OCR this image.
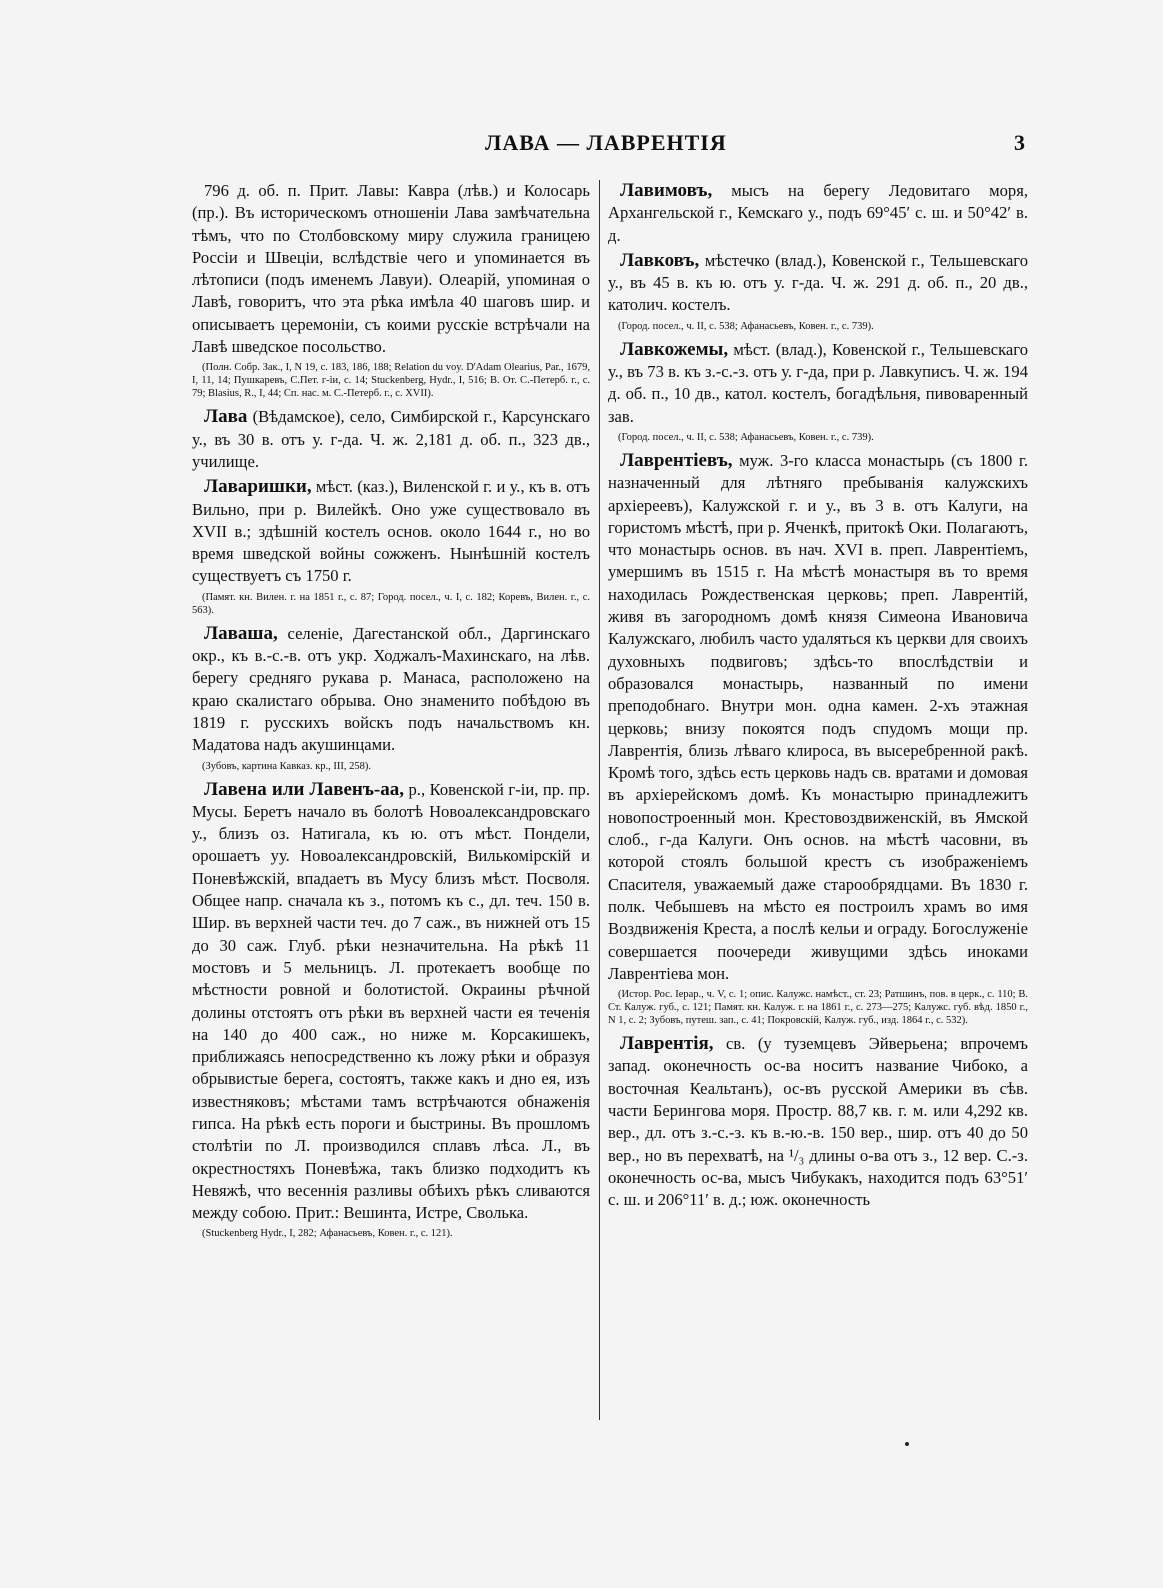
ЛАВА — ЛАВРЕНТІЯ	3

796 д. об. п. Прит. Лавы: Кавра (лѣв.) и Колосарь (пр.). Въ историческомъ отношеніи Лава замѣчательна тѣмъ, что по Столбовскому миру служила границею Россіи и Швеціи, вслѣдствіе чего и упоминается въ лѣтописи (подъ именемъ Лавуи). Олеарій, упоминая о Лавѣ, говоритъ, что эта рѣка имѣла 40 шаговъ шир. и описываетъ церемоніи, съ коими русскіе встрѣчали на Лавѣ шведское посольство.

(Полн. Собр. Зак., I, N 19, с. 183, 186, 188; Relation du voy. D'Adam Olearius, Par., 1679, I, 11, 14; Пушкаревъ, С.Пет. г-іи, с. 14; Stuckenberg, Hydr., I, 516; В. От. С.-Петерб. г., с. 79; Blasius, R., I, 44; Сп. нас. м. С.-Петерб. г., с. XVII).

Лава (Вѣдамское), село, Симбирской г., Карсунскаго у., въ 30 в. отъ у. г-да. Ч. ж. 2,181 д. об. п., 323 дв., училище.

Лаваришки, мѣст. (каз.), Виленской г. и у., къ в. отъ Вильно, при р. Вилейкѣ. Оно уже существовало въ XVII в.; здѣшній костелъ основ. около 1644 г., но во время шведской войны сожженъ. Нынѣшній костелъ существуетъ съ 1750 г.

(Памят. кн. Вилен. г. на 1851 г., с. 87; Город. посел., ч. I, с. 182; Коревъ, Вилен. г., с. 563).

Лаваша, селеніе, Дагестанской обл., Даргинскаго окр., къ в.-с.-в. отъ укр. Ходжалъ-Махинскаго, на лѣв. берегу средняго рукава р. Манаса, расположено на краю скалистаго обрыва. Оно знаменито побѣдою въ 1819 г. русскихъ войскъ подъ начальствомъ кн. Мадатова надъ акушинцами.

(Зубовъ, картина Кавказ. кр., III, 258).

Лавена или Лавенъ-аа, р., Ковенской г-іи, пр. пр. Мусы. Беретъ начало въ болотѣ Новоалександровскаго у., близъ оз. Натигала, къ ю. отъ мѣст. Пондели, орошаетъ уу. Новоалександровскій, Вилькомірскій и Поневѣжскій, впадаетъ въ Мусу близъ мѣст. Посволя. Общее напр. сначала къ з., потомъ къ с., дл. теч. 150 в. Шир. въ верхней части теч. до 7 саж., въ нижней отъ 15 до 30 саж. Глуб. рѣки незначительна. На рѣкѣ 11 мостовъ и 5 мельницъ. Л. протекаетъ вообще по мѣстности ровной и болотистой. Окраины рѣчной долины отстоятъ отъ рѣки въ верхней части ея теченія на 140 до 400 саж., но ниже м. Корсакишекъ, приближаясь непосредственно къ ложу рѣки и образуя обрывистые берега, состоятъ, также какъ и дно ея, изъ известняковъ; мѣстами тамъ встрѣчаются обнаженія гипса. На рѣкѣ есть пороги и быстрины. Въ прошломъ столѣтіи по Л. производился сплавъ лѣса. Л., въ окрестностяхъ Поневѣжа, такъ близко подходитъ къ Невяжѣ, что весеннія разливы обѣихъ рѣкъ сливаются между собою. Прит.: Вешинта, Истре, Сволька.

(Stuckenberg Hydr., I, 282; Афанасьевъ, Ковен. г., с. 121).

Лавимовъ, мысъ на берегу Ледовитаго моря, Архангельской г., Кемскаго у., подъ 69°45′ с. ш. и 50°42′ в. д.

Лавковъ, мѣстечко (влад.), Ковенской г., Тельшевскаго у., въ 45 в. къ ю. отъ у. г-да. Ч. ж. 291 д. об. п., 20 дв., католич. костелъ.

(Город. посел., ч. II, с. 538; Афанасьевъ, Ковен. г., с. 739).

Лавкожемы, мѣст. (влад.), Ковенской г., Тельшевскаго у., въ 73 в. къ з.-с.-з. отъ у. г-да, при р. Лавкуписъ. Ч. ж. 194 д. об. п., 10 дв., катол. костелъ, богадѣльня, пивоваренный зав.

(Город. посел., ч. II, с. 538; Афанасьевъ, Ковен. г., с. 739).

Лаврентіевъ, муж. 3-го класса монастырь (съ 1800 г. назначенный для лѣтняго пребыванія калужскихъ архіереевъ), Калужской г. и у., въ 3 в. отъ Калуги, на гористомъ мѣстѣ, при р. Яченкѣ, притокѣ Оки. Полагаютъ, что монастырь основ. въ нач. XVI в. преп. Лаврентіемъ, умершимъ въ 1515 г. На мѣстѣ монастыря въ то время находилась Рождественская церковь; преп. Лаврентій, живя въ загородномъ домѣ князя Симеона Ивановича Калужскаго, любилъ часто удаляться къ церкви для своихъ духовныхъ подвиговъ; здѣсь-то впослѣдствіи и образовался монастырь, названный по имени преподобнаго. Внутри мон. одна камен. 2-хъ этажная церковь; внизу покоятся подъ спудомъ мощи пр. Лаврентія, близь лѣваго клироса, въ высеребренной ракѣ. Кромѣ того, здѣсь есть церковь надъ св. вратами и домовая въ архіерейскомъ домѣ. Къ монастырю принадлежитъ новопостроенный мон. Крестовоздвиженскій, въ Ямской слоб., г-да Калуги. Онъ основ. на мѣстѣ часовни, въ которой стоялъ большой крестъ съ изображеніемъ Спасителя, уважаемый даже старообрядцами. Въ 1830 г. полк. Чебышевъ на мѣсто ея построилъ храмъ во имя Воздвиженія Креста, а послѣ кельи и ограду. Богослуженіе совершается поочереди живущими здѣсь иноками Лаврентіева мон.

(Истор. Рос. Іерар., ч. V, с. 1; опис. Калужс. намѣст., ст. 23; Ратшинъ, пов. в церк., с. 110; В. Ст. Калуж. губ., с. 121; Памят. кн. Калуж. г. на 1861 г., с. 273—275; Калужс. губ. вѣд. 1850 г., N 1, с. 2; Зубовъ, путеш. зап., с. 41; Покровскій, Калуж. губ., изд. 1864 г., с. 532).

Лаврентія, св. (у туземцевъ Эйверьена; впрочемъ запад. оконечность ос-ва носитъ название Чибоко, а восточная Кеальтанъ), ос-въ русской Америки въ сѣв. части Берингова моря. Простр. 88,7 кв. г. м. или 4,292 кв. вер., дл. отъ з.-с.-з. къ в.-ю.-в. 150 вер., шир. отъ 40 до 50 вер., но въ перехватѣ, на ¹/₃ длины о-ва отъ з., 12 вер. С.-з. оконечность ос-ва, мысъ Чибукакъ, находится подъ 63°51′ с. ш. и 206°11′ в. д.; юж. оконечность
